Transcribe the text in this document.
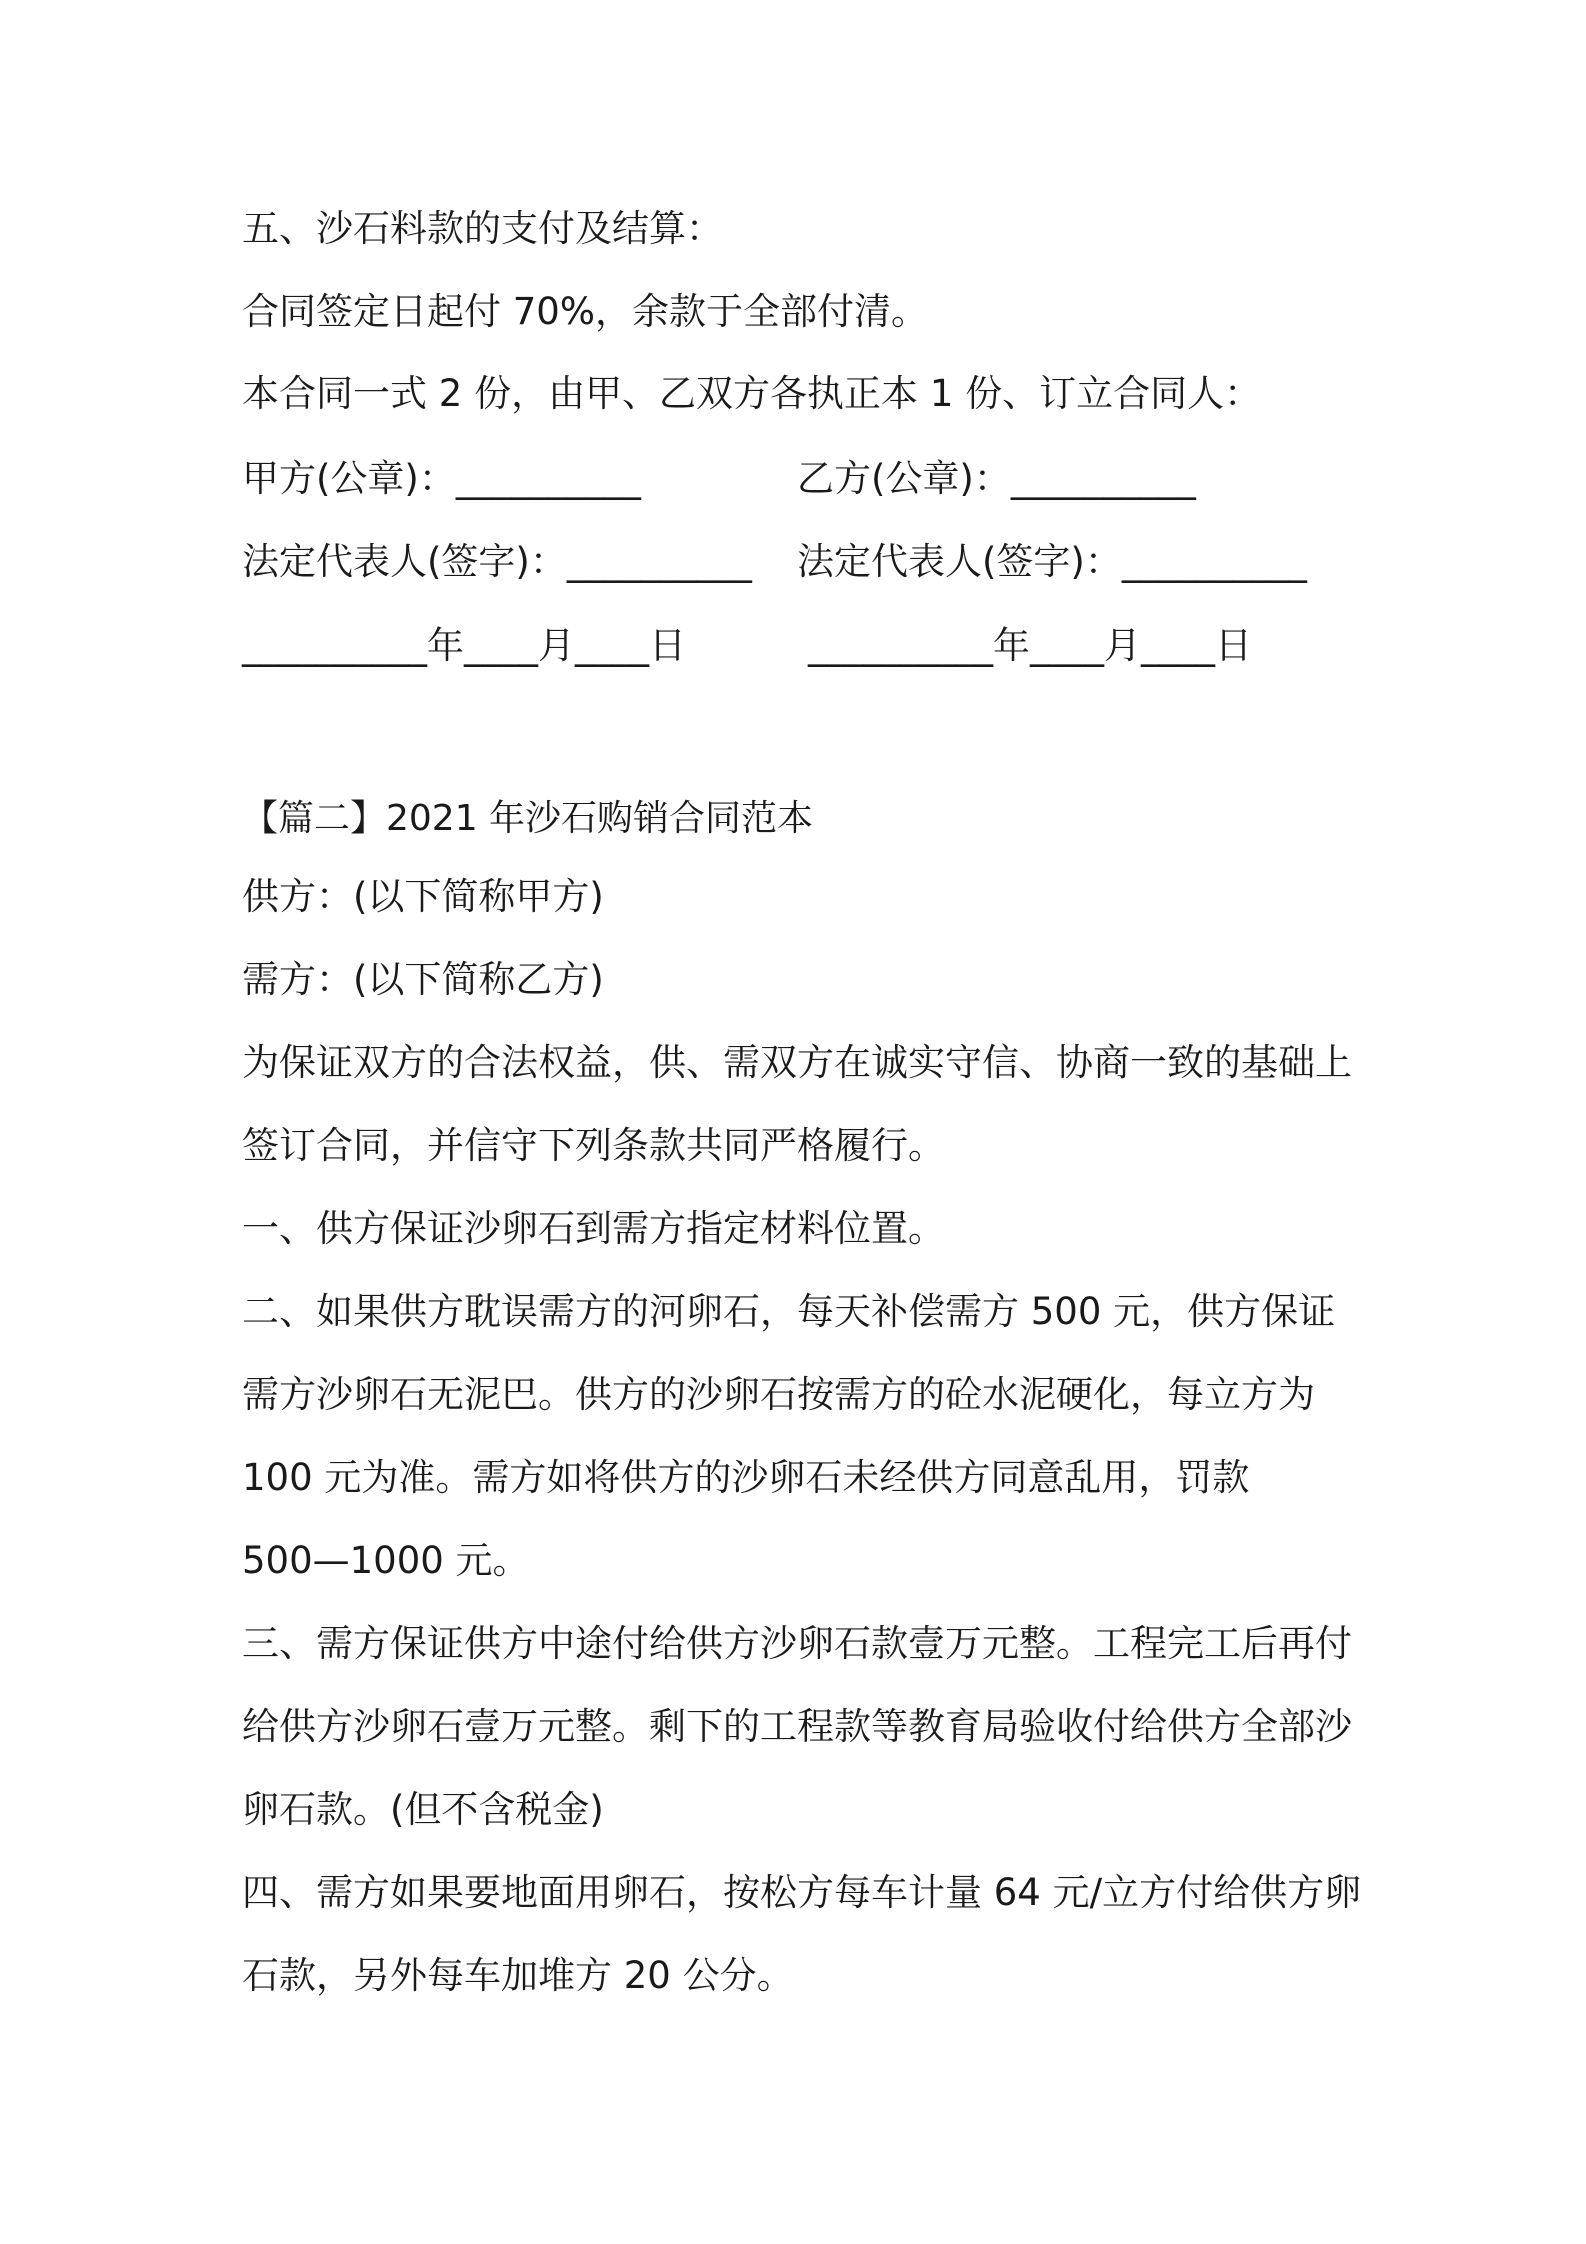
五、沙石料款的支付及结算：
合同签定日起付 70%，余款于全部付清。
本合同一式 2 份，由甲、乙双方各执正本 1 份、订立合同人：
甲方(公章)：__________	乙方(公章)：__________
法定代表人(签字)：__________ 法定代表人(签字)：__________
__________年____月____日	__________年____月____日
【篇二】2021 年沙石购销合同范本
供方：(以下简称甲方)
需方：(以下简称乙方)
为保证双方的合法权益，供、需双方在诚实守信、协商一致的基础上
签订合同，并信守下列条款共同严格履行。
一、供方保证沙卵石到需方指定材料位置。
二、如果供方耽误需方的河卵石，每天补偿需方 500 元，供方保证
需方沙卵石无泥巴。供方的沙卵石按需方的砼水泥硬化，每立方为
100 元为准。需方如将供方的沙卵石未经供方同意乱用，罚款
500—1000 元。
三、需方保证供方中途付给供方沙卵石款壹万元整。工程完工后再付
给供方沙卵石壹万元整。剩下的工程款等教育局验收付给供方全部沙
卵石款。(但不含税金)
四、需方如果要地面用卵石，按松方每车计量 64 元/立方付给供方卵
石款，另外每车加堆方 20 公分。
